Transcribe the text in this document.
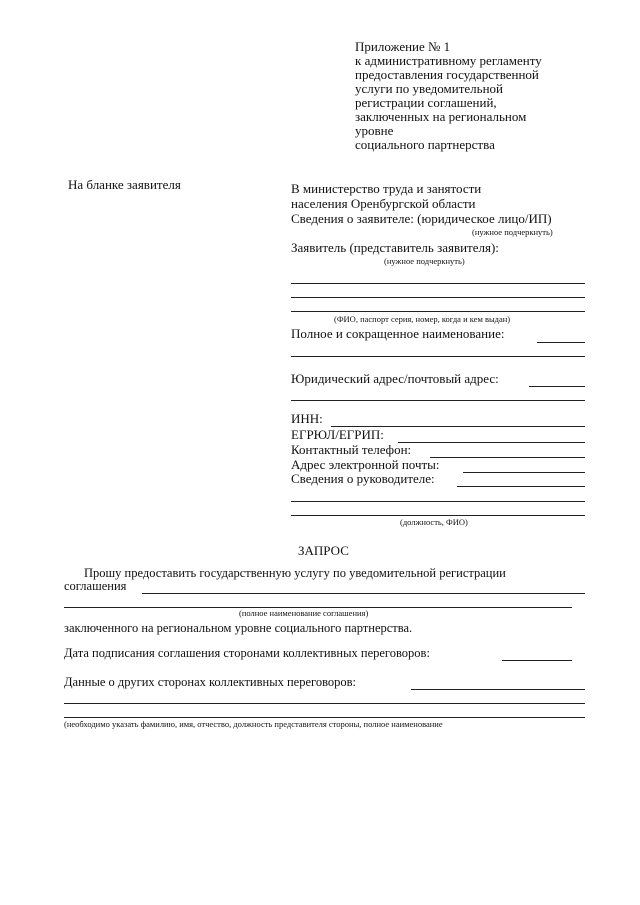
Приложение № 1
к административному регламенту
предоставления государственной
услуги по уведомительной
регистрации соглашений,
заключенных на региональном
уровне
социального партнерства
На бланке заявителя	В министерство труда и занятости
населения Оренбургской области
Сведения о заявителе: (юридическое лицо/ИП)
(нужное подчеркнуть)
Заявитель (представитель заявителя):
(нужное подчеркнуть)
(ФИО, паспорт серия, номер, когда и кем выдан)
Полное и сокращенное наименование:
Юридический адрес/почтовый адрес:
ИНН:
ЕГРЮЛ/ЕГРИП:
Контактный телефон:
Адрес электронной почты:
Сведения о руководителе:
(должность, ФИО)
ЗАПРОС
Прошу предоставить государственную услугу по уведомительной регистрации
соглашения
(полное наименование соглашения)
заключенного на региональном уровне социального партнерства.
Дата подписания соглашения сторонами коллективных переговоров:
Данные о других сторонах коллективных переговоров:
(необходимо указать фамилию, имя, отчество, должность представителя стороны, полное наименование
